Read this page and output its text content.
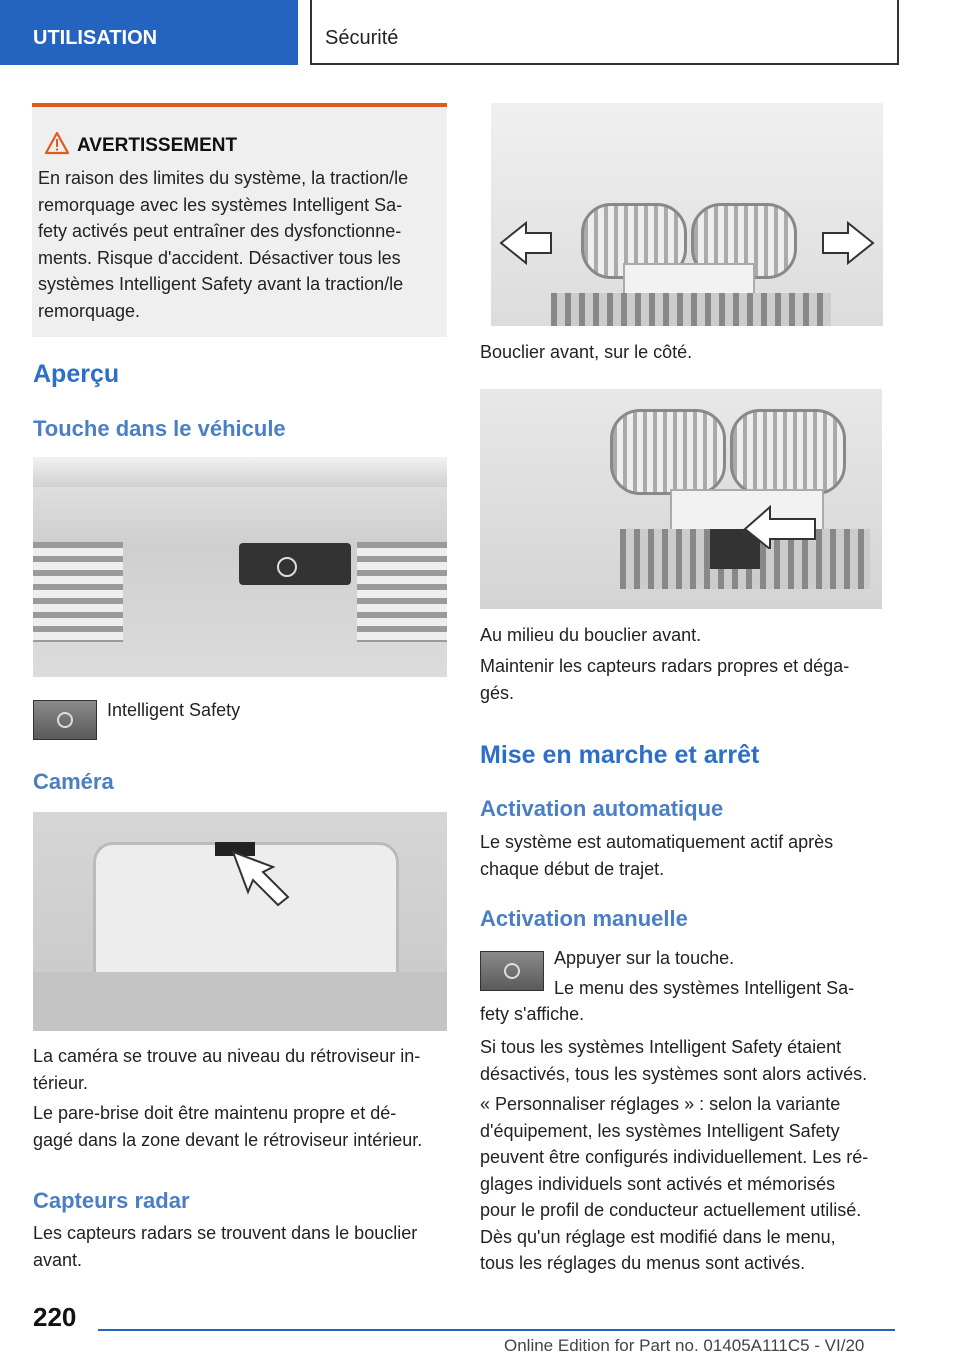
UTILISATION	Sécurité
AVERTISSEMENT
En raison des limites du système, la traction/le
remorquage avec les systèmes Intelligent Sa-
fety activés peut entraîner des dysfonctionne-
ments. Risque d'accident. Désactiver tous les
systèmes Intelligent Safety avant la traction/le
remorquage.
Aperçu
Touche dans le véhicule

Intelligent Safety

Caméra

La caméra se trouve au niveau du rétroviseur in-
térieur.

Le pare-brise doit être maintenu propre et dé-
gagé dans la zone devant le rétroviseur intérieur.

Capteurs radar

Les capteurs radars se trouvent dans le bouclier
avant.

Bouclier avant, sur le côté.

Au milieu du bouclier avant.

Maintenir les capteurs radars propres et déga-
gés.

Mise en marche et arrêt
Activation automatique

Le système est automatiquement actif après
chaque début de trajet.

Activation manuelle

Appuyer sur la touche.

Le menu des systèmes Intelligent Sa-

fety s'affiche.

Si tous les systèmes Intelligent Safety étaient
désactivés, tous les systèmes sont alors activés.

« Personnaliser réglages » : selon la variante
d'équipement, les systèmes Intelligent Safety
peuvent être configurés individuellement. Les ré-
glages individuels sont activés et mémorisés
pour le profil de conducteur actuellement utilisé.
Dès qu'un réglage est modifié dans le menu,
tous les réglages du menus sont activés.

220
Online Edition for Part no. 01405A111C5 - VI/20
